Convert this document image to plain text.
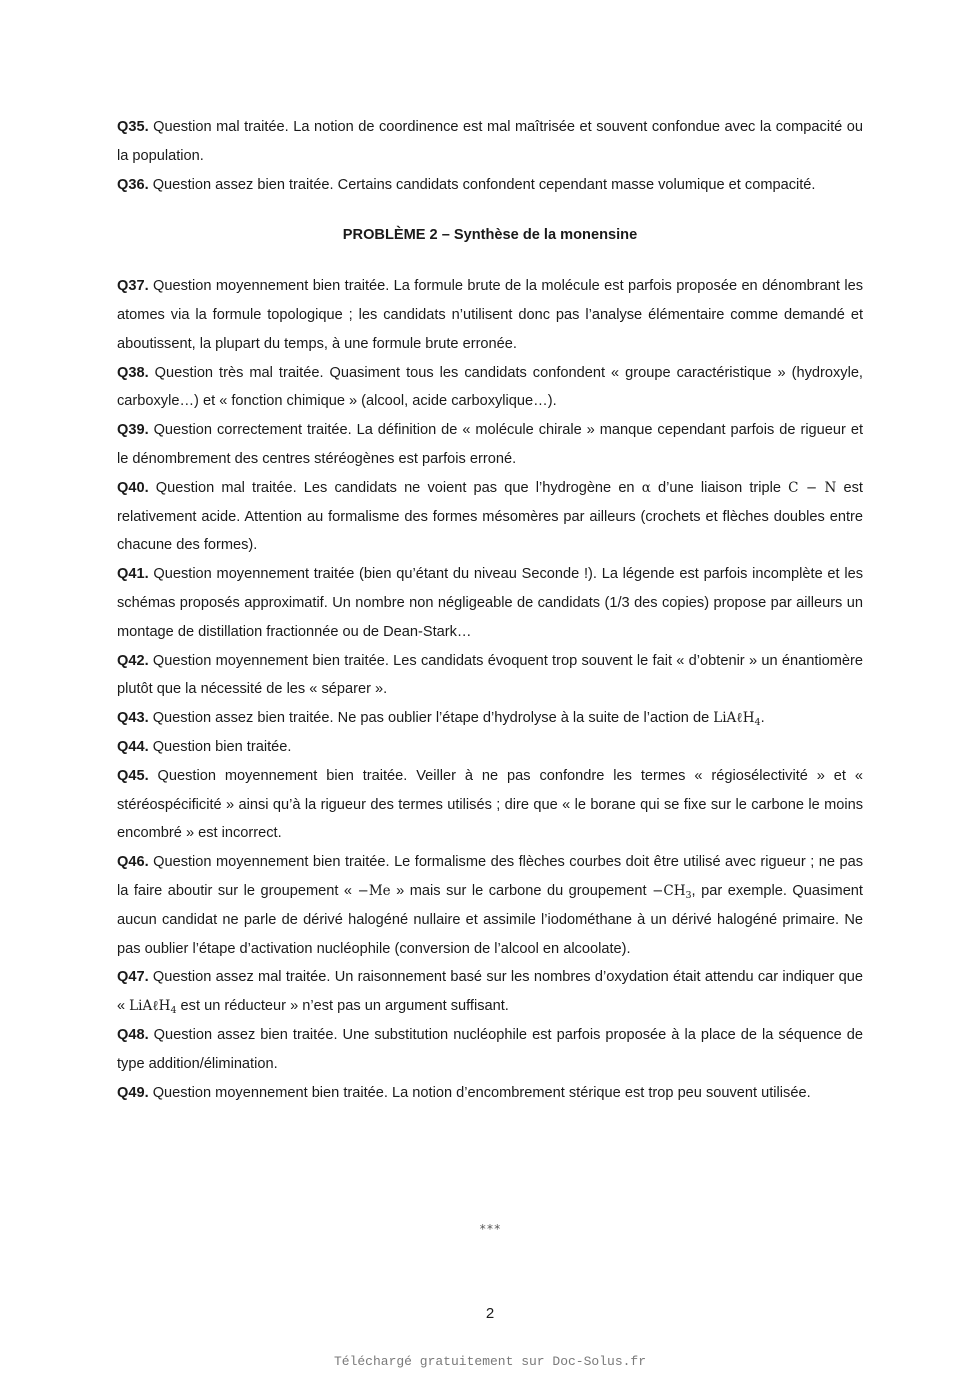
Q35. Question mal traitée. La notion de coordinence est mal maîtrisée et souvent confondue avec la compacité ou la population.

Q36. Question assez bien traitée. Certains candidats confondent cependant masse volumique et compacité.

PROBLÈME 2 – Synthèse de la monensine

Q37. Question moyennement bien traitée. La formule brute de la molécule est parfois proposée en dénombrant les atomes via la formule topologique ; les candidats n’utilisent donc pas l’analyse élémentaire comme demandé et aboutissent, la plupart du temps, à une formule brute erronée.

Q38. Question très mal traitée. Quasiment tous les candidats confondent « groupe caractéristique » (hydroxyle, carboxyle…) et « fonction chimique » (alcool, acide carboxylique…).

Q39. Question correctement traitée. La définition de « molécule chirale » manque cependant parfois de rigueur et le dénombrement des centres stéréogènes est parfois erroné.

Q40. Question mal traitée. Les candidats ne voient pas que l’hydrogène en α d’une liaison triple C − N est relativement acide. Attention au formalisme des formes mésomères par ailleurs (crochets et flèches doubles entre chacune des formes).

Q41. Question moyennement traitée (bien qu’étant du niveau Seconde !). La légende est parfois incomplète et les schémas proposés approximatif. Un nombre non négligeable de candidats (1/3 des copies) propose par ailleurs un montage de distillation fractionnée ou de Dean-Stark…

Q42. Question moyennement bien traitée. Les candidats évoquent trop souvent le fait « d’obtenir » un énantiomère plutôt que la nécessité de les « séparer ».

Q43. Question assez bien traitée. Ne pas oublier l’étape d’hydrolyse à la suite de l’action de LiAℓH$_4$.

Q44. Question bien traitée.

Q45. Question moyennement bien traitée. Veiller à ne pas confondre les termes « régiosélectivité » et « stéréospécificité » ainsi qu’à la rigueur des termes utilisés ; dire que « le borane qui se fixe sur le carbone le moins encombré » est incorrect.

Q46. Question moyennement bien traitée. Le formalisme des flèches courbes doit être utilisé avec rigueur ; ne pas la faire aboutir sur le groupement « −Me » mais sur le carbone du groupement $-CH_3$, par exemple. Quasiment aucun candidat ne parle de dérivé halogéné nullaire et assimile l’iodométhane à un dérivé halogéné primaire. Ne pas oublier l’étape d’activation nucléophile (conversion de l’alcool en alcoolate).

Q47. Question assez mal traitée. Un raisonnement basé sur les nombres d’oxydation était attendu car indiquer que « LiAℓH$_4$ est un réducteur » n’est pas un argument suffisant.

Q48. Question assez bien traitée. Une substitution nucléophile est parfois proposée à la place de la séquence de type addition/élimination.

Q49. Question moyennement bien traitée. La notion d’encombrement stérique est trop peu souvent utilisée.

***
2
Téléchargé gratuitement sur Doc-Solus.fr
